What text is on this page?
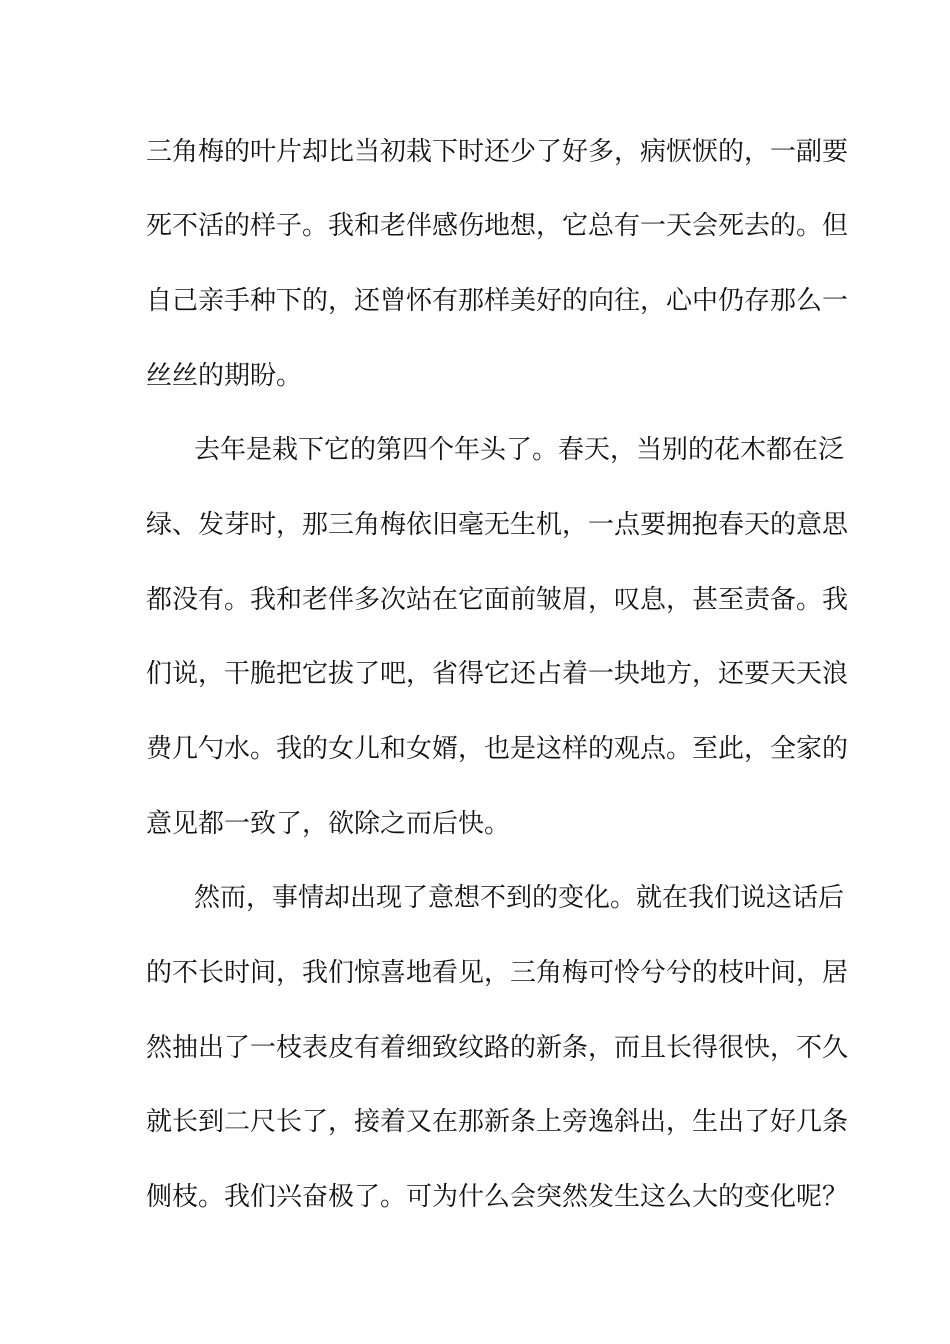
三角梅的叶片却比当初栽下时还少了好多，病恹恹的，一副要
死不活的样子。我和老伴感伤地想，它总有一天会死去的。但
自己亲手种下的，还曾怀有那样美好的向往，心中仍存那么一
丝丝的期盼。
去年是栽下它的第四个年头了。春天，当别的花木都在泛
绿、发芽时，那三角梅依旧毫无生机，一点要拥抱春天的意思
都没有。我和老伴多次站在它面前皱眉，叹息，甚至责备。我
们说，干脆把它拔了吧，省得它还占着一块地方，还要天天浪
费几勺水。我的女儿和女婿，也是这样的观点。至此，全家的
意见都一致了，欲除之而后快。
然而，事情却出现了意想不到的变化。就在我们说这话后
的不长时间，我们惊喜地看见，三角梅可怜兮兮的枝叶间，居
然抽出了一枝表皮有着细致纹路的新条，而且长得很快，不久
就长到二尺长了，接着又在那新条上旁逸斜出，生出了好几条
侧枝。我们兴奋极了。可为什么会突然发生这么大的变化呢？
